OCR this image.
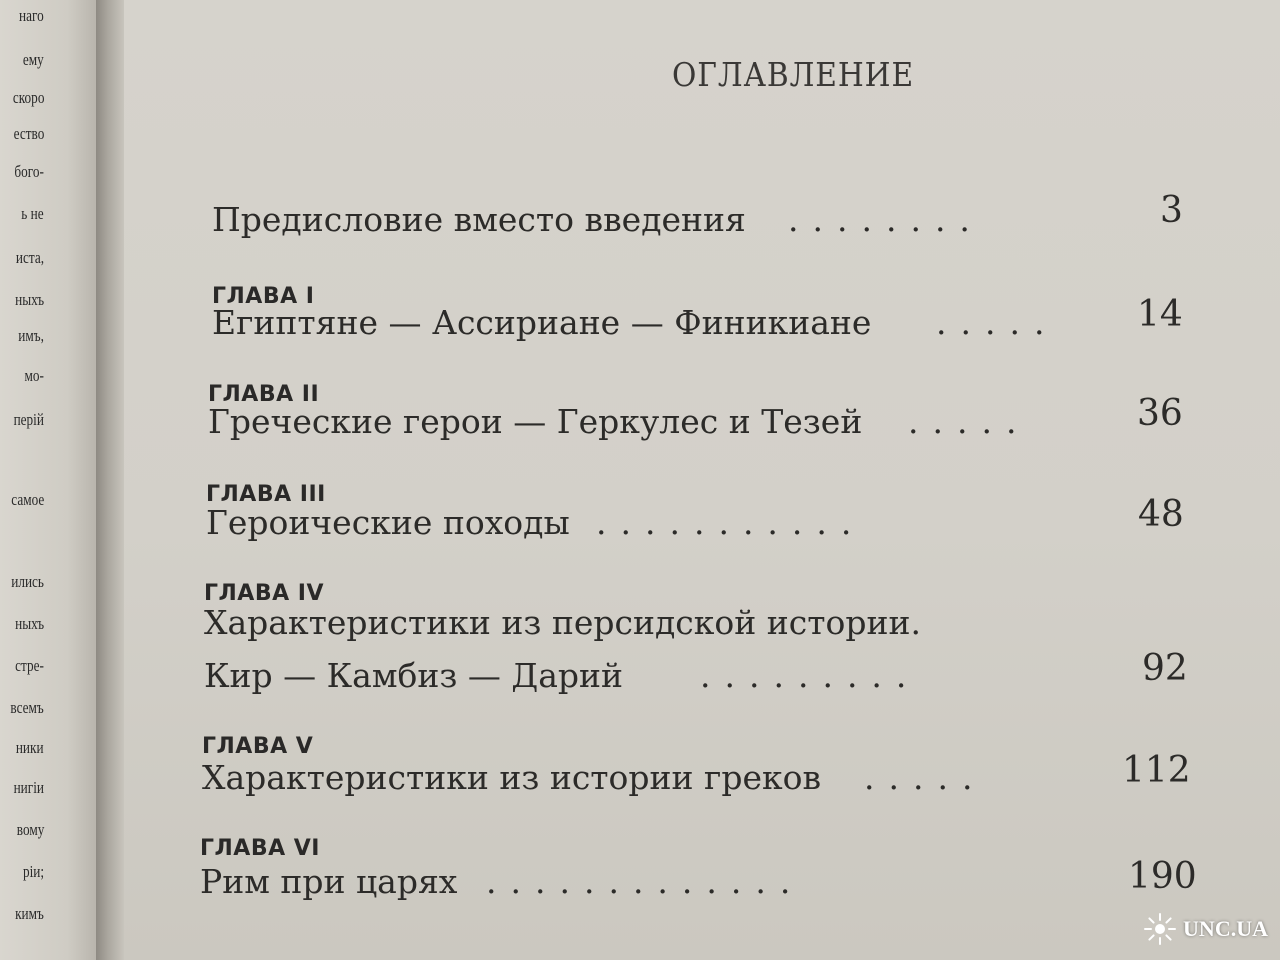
наго
ему
скоро
ество
бого-
ь не
иста,
ныхъ
имъ,
мо-
перій
самое
ились
ныхъ
стре-
всемъ
ники
нигіи
вому
ріи;
кимъ
ОГЛАВЛЕНИЕ
Предисловие вместо введения ........	3
ГЛАВА I
Египтяне — Ассириане — Финикиане ..... 14
ГЛАВА II
Греческие герои — Геркулес и Тезей .....	36
ГЛАВА III
Героические походы ...........	48
ГЛАВА IV
Характеристики из персидской истории.
Кир — Камбиз — Дарий .........	92
ГЛАВА V
Характеристики из истории греков .....	112
ГЛАВА VI
Рим при царях .............	190
UNC.UA
